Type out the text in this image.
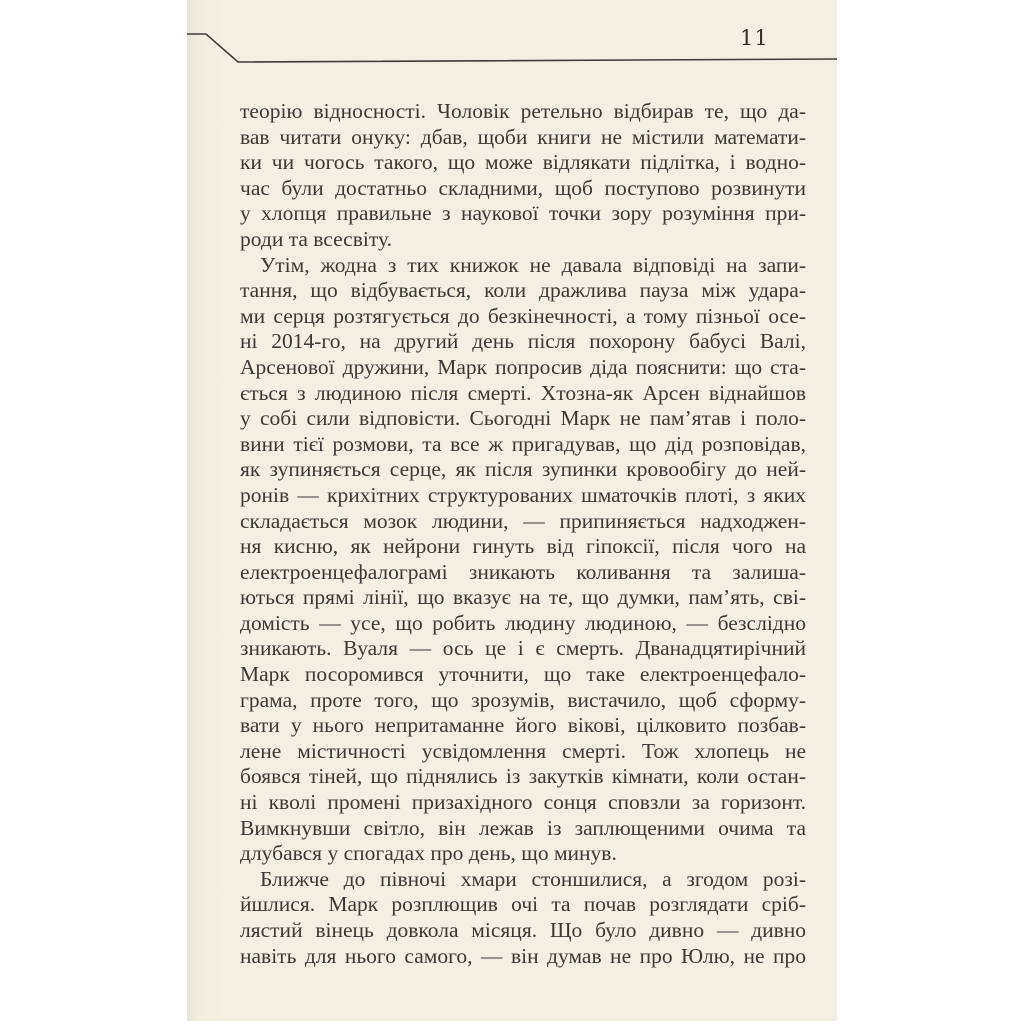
11
теорію відносності. Чоловік ретельно відбирав те, що да-
вав читати онуку: дбав, щоби книги не містили математи-
ки чи чогось такого, що може відлякати підлітка, і водно-
час були достатньо складними, щоб поступово розвинути
у хлопця правильне з наукової точки зору розуміння при-
роди та всесвіту.
Утім, жодна з тих книжок не давала відповіді на запи-
тання, що відбувається, коли дражлива пауза між удара-
ми серця розтягується до безкінечності, а тому пізньої осе-
ні 2014-го, на другий день після похорону бабусі Валі,
Арсенової дружини, Марк попросив діда пояснити: що ста-
ється з людиною після смерті. Хтозна-як Арсен віднайшов
у собі сили відповісти. Сьогодні Марк не пам’ятав і поло-
вини тієї розмови, та все ж пригадував, що дід розповідав,
як зупиняється серце, як після зупинки кровообігу до ней-
ронів — крихітних структурованих шматочків плоті, з яких
складається мозок людини, — припиняється надходжен-
ня кисню, як нейрони гинуть від гіпоксії, після чого на
електроенцефалограмі зникають коливання та залиша-
ються прямі лінії, що вказує на те, що думки, пам’ять, сві-
домість — усе, що робить людину людиною, — безслідно
зникають. Вуаля — ось це і є смерть. Дванадцятирічний
Марк посоромився уточнити, що таке електроенцефало-
грама, проте того, що зрозумів, вистачило, щоб сформу-
вати у нього непритаманне його вікові, цілковито позбав-
лене містичності усвідомлення смерті. Тож хлопець не
боявся тіней, що піднялись із закутків кімнати, коли остан-
ні кволі промені призахідного сонця сповзли за горизонт.
Вимкнувши світло, він лежав із заплющеними очима та
длубався у спогадах про день, що минув.
Ближче до півночі хмари стоншилися, а згодом розі-
йшлися. Марк розплющив очі та почав розглядати сріб-
лястий вінець довкола місяця. Що було дивно — дивно
навіть для нього самого, — він думав не про Юлю, не про
